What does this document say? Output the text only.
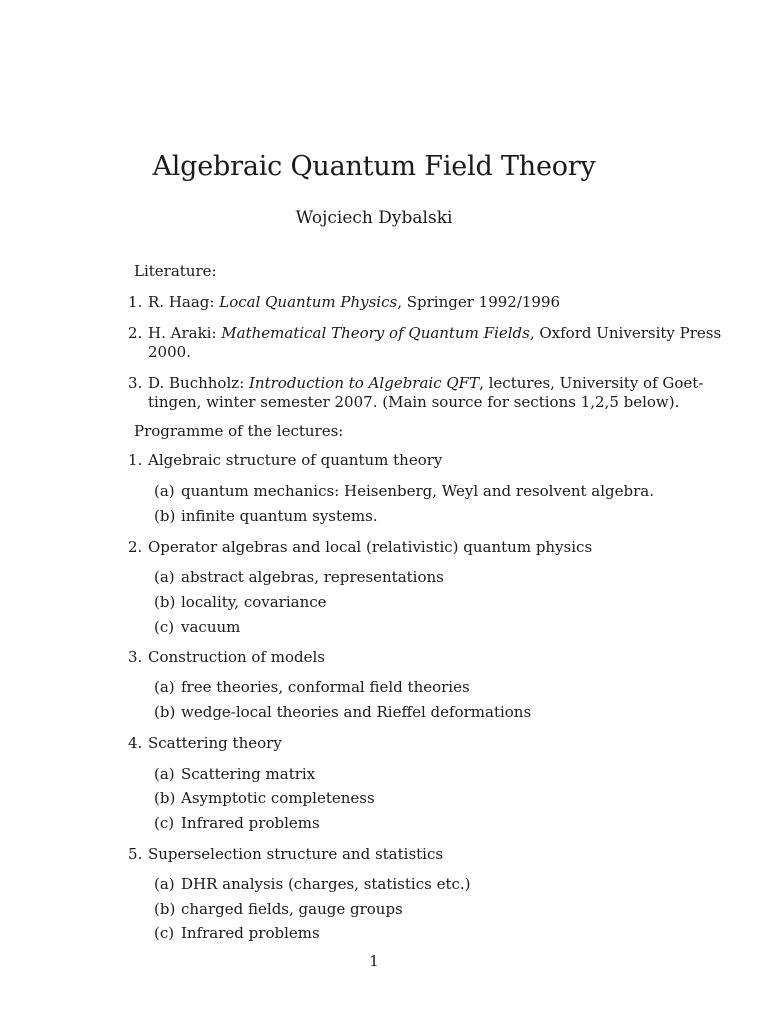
Algebraic Quantum Field Theory
Wojciech Dybalski
Literature:
1. R. Haag: Local Quantum Physics, Springer 1992/1996
2. H. Araki: Mathematical Theory of Quantum Fields, Oxford University Press
2000.
3. D. Buchholz: Introduction to Algebraic QFT, lectures, University of Goet-
tingen, winter semester 2007. (Main source for sections 1,2,5 below).
Programme of the lectures:
1. Algebraic structure of quantum theory
(a) quantum mechanics: Heisenberg, Weyl and resolvent algebra.
(b) infinite quantum systems.
2. Operator algebras and local (relativistic) quantum physics
(a) abstract algebras, representations
(b) locality, covariance
(c) vacuum
3. Construction of models
(a) free theories, conformal field theories
(b) wedge-local theories and Rieffel deformations
4. Scattering theory
(a) Scattering matrix
(b) Asymptotic completeness
(c) Infrared problems
5. Superselection structure and statistics
(a) DHR analysis (charges, statistics etc.)
(b) charged fields, gauge groups
(c) Infrared problems
1
